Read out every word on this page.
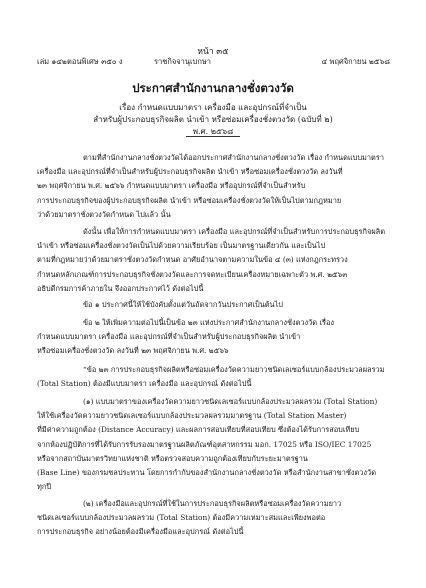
หน้า ๓๕
เล่ม ๑๔๒ ตอนพิเศษ ๓๕๐ ง	ราชกิจจานุเบกษา	๔ พฤศจิกายน ๒๕๖๘
ประกาศสำนักงานกลางชั่งตวงวัด
เรื่อง กำหนดแบบมาตรา เครื่องมือ และอุปกรณ์ที่จำเป็น
สำหรับผู้ประกอบธุรกิจผลิต นำเข้า หรือซ่อมเครื่องชั่งตวงวัด (ฉบับที่ ๒)
พ.ศ. ๒๕๖๘
ตามที่สำนักงานกลางชั่งตวงวัดได้ออกประกาศสำนักงานกลางชั่งตวงวัด เรื่อง กำหนดแบบมาตรา
เครื่องมือ และอุปกรณ์ที่จำเป็นสำหรับผู้ประกอบธุรกิจผลิต นำเข้า หรือซ่อมเครื่องชั่งตวงวัด ลงวันที่
๒๓ พฤศจิกายน พ.ศ. ๒๕๖๖ กำหนดแบบมาตรา เครื่องมือ หรืออุปกรณ์ที่จำเป็นสำหรับ
การประกอบธุรกิจของผู้ประกอบธุรกิจผลิต นำเข้า หรือซ่อมเครื่องชั่งตวงวัดให้เป็นไปตามกฎหมาย
ว่าด้วยมาตราชั่งตวงวัดกำหนด ไปแล้ว นั้น
ดังนั้น เพื่อให้การกำหนดแบบมาตรา เครื่องมือ และอุปกรณ์ที่จำเป็นสำหรับการประกอบธุรกิจผลิต
นำเข้า หรือซ่อมเครื่องชั่งตวงวัดเป็นไปด้วยความเรียบร้อย เป็นมาตรฐานเดียวกัน และเป็นไป
ตามที่กฎหมายว่าด้วยมาตราชั่งตวงวัดกำหนด อาศัยอำนาจตามความในข้อ ๔ (๓) แห่งกฎกระทรวง
กำหนดหลักเกณฑ์การประกอบธุรกิจชั่งตวงวัดและการจดทะเบียนเครื่องหมายเฉพาะตัว พ.ศ. ๒๕๖๓
อธิบดีกรมการค้าภายใน จึงออกประกาศไว้ ดังต่อไปนี้
ข้อ ๑ ประกาศนี้ให้ใช้บังคับตั้งแต่วันถัดจากวันประกาศเป็นต้นไป
ข้อ ๒ ให้เพิ่มความต่อไปนี้เป็นข้อ ๒๓ แห่งประกาศสำนักงานกลางชั่งตวงวัด เรื่อง
กำหนดแบบมาตรา เครื่องมือ และอุปกรณ์ที่จำเป็นสำหรับผู้ประกอบธุรกิจผลิต นำเข้า
หรือซ่อมเครื่องชั่งตวงวัด ลงวันที่ ๒๓ พฤศจิกายน พ.ศ. ๒๕๖๖
“ข้อ ๒๓ การประกอบธุรกิจผลิตหรือซ่อมเครื่องวัดความยาวชนิดเลเซอร์แบบกล้องประมวลผลรวม
(Total Station) ต้องมีแบบมาตรา เครื่องมือ และอุปกรณ์ ดังต่อไปนี้
(๑) แบบมาตราของเครื่องวัดความยาวชนิดเลเซอร์แบบกล้องประมวลผลรวม (Total Station)
ให้ใช้เครื่องวัดความยาวชนิดเลเซอร์แบบกล้องประมวลผลรวมมาตรฐาน (Total Station Master)
ที่มีค่าความถูกต้อง (Distance Accuracy) และผลการสอบเทียบที่สอบเทียบ ซึ่งต้องได้รับการสอบเทียบ
จากห้องปฏิบัติการที่ได้รับการรับรองมาตรฐานผลิตภัณฑ์อุตสาหกรรม มอก. 17025 หรือ ISO/IEC 17025
หรือจากสถาบันมาตรวิทยาแห่งชาติ หรือตรวจสอบความถูกต้องเทียบกับระยะมาตรฐาน
(Base Line) ของกรมชลประทาน โดยการกำกับของสำนักงานกลางชั่งตวงวัด หรือสำนักงานสาขาชั่งตวงวัด
ทุกปี
(๒) เครื่องมือและอุปกรณ์ที่ใช้ในการประกอบธุรกิจผลิตหรือซ่อมเครื่องวัดความยาว
ชนิดเลเซอร์แบบกล้องประมวลผลรวม (Total Station) ต้องมีความเหมาะสมและเพียงพอต่อ
การประกอบธุรกิจ อย่างน้อยต้องมีเครื่องมือและอุปกรณ์ ดังต่อไปนี้
